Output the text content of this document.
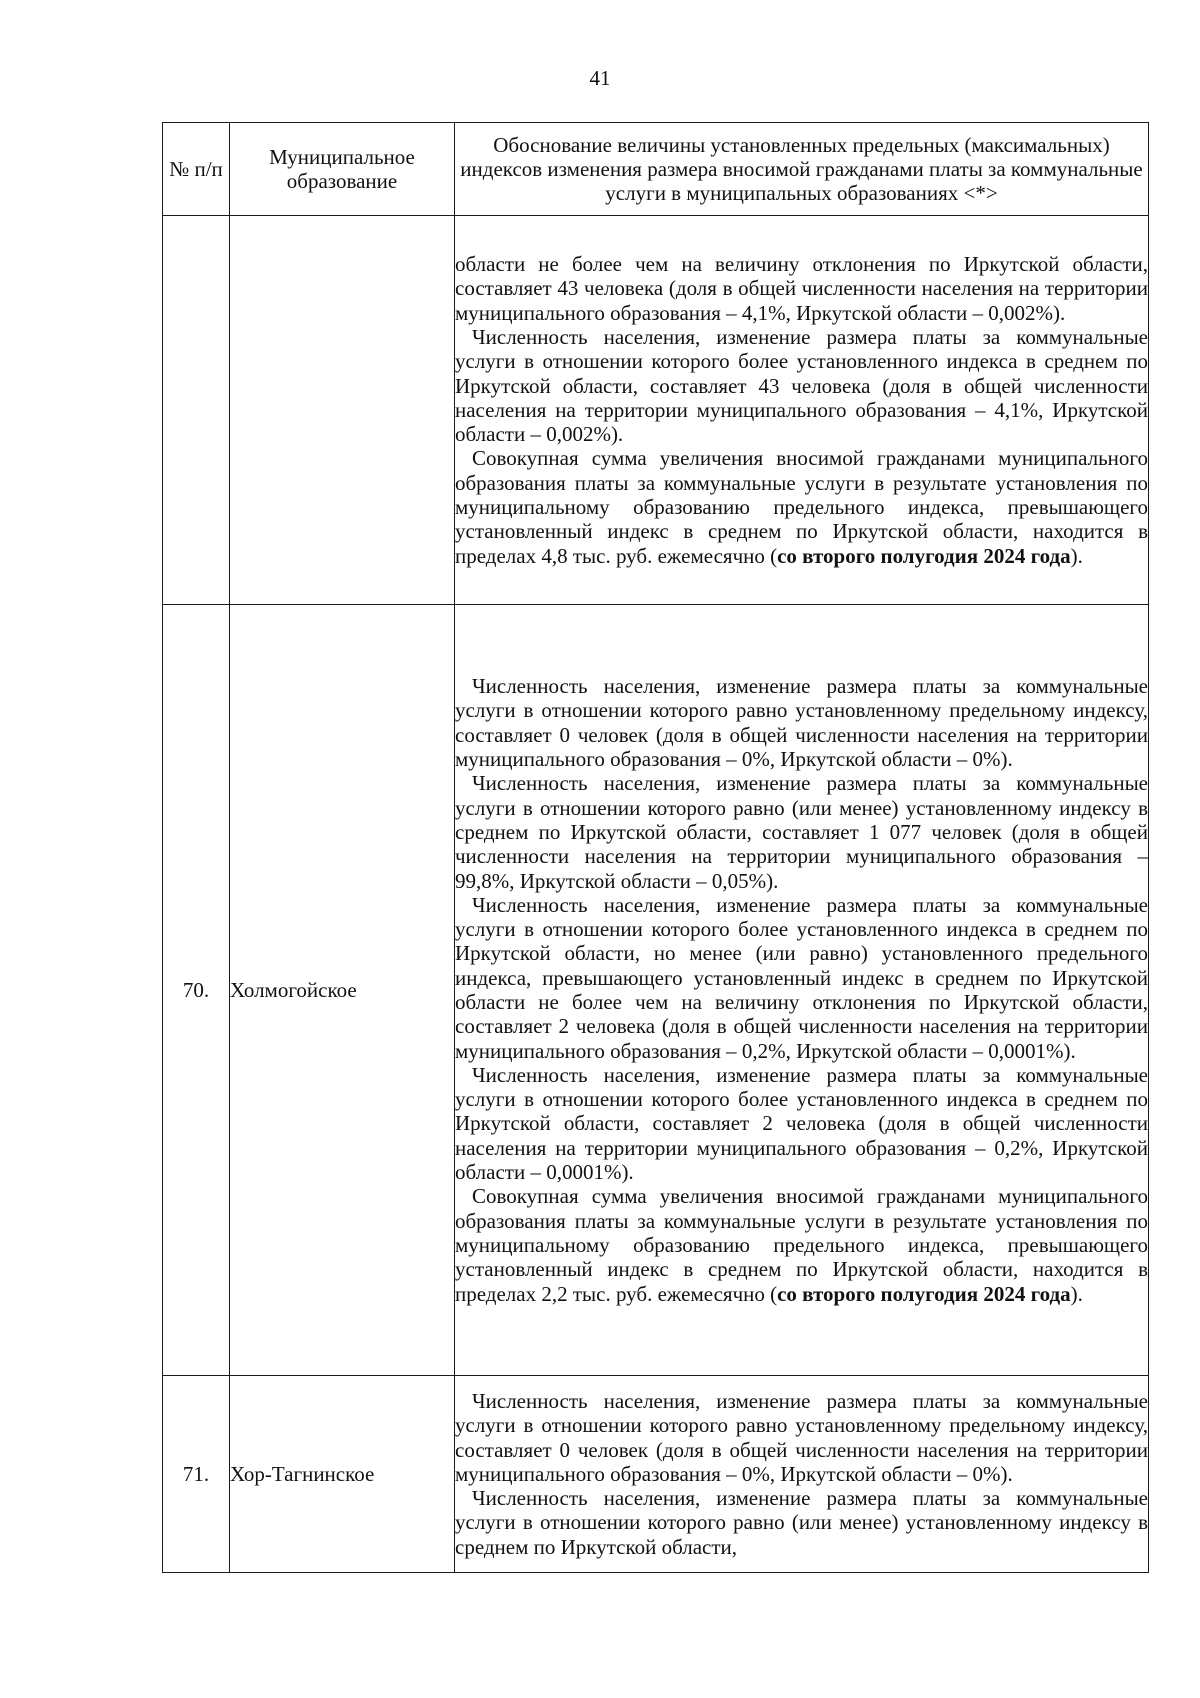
41
№ п/п	Муниципальное образование	Обоснование величины установленных предельных (максимальных) индексов изменения размера вносимой гражданами платы за коммунальные услуги в муниципальных образованиях <*>

		области не более чем на величину отклонения по Иркутской области, составляет 43 человека (доля в общей численности населения на территории муниципального образования – 4,1%, Иркутской области – 0,002%).

Численность населения, изменение размера платы за коммунальные услуги в отношении которого более установленного индекса в среднем по Иркутской области, составляет 43 человека (доля в общей численности населения на территории муниципального образования – 4,1%, Иркутской области – 0,002%).

Совокупная сумма увеличения вносимой гражданами муниципального образования платы за коммунальные услуги в результате установления по муниципальному образованию предельного индекса, превышающего установленный индекс в среднем по Иркутской области, находится в пределах 4,8 тыс. руб. ежемесячно (со второго полугодия 2024 года).

70.	Холмогойское	Численность населения, изменение размера платы за коммунальные услуги в отношении которого равно установленному предельному индексу, составляет 0 человек (доля в общей численности населения на территории муниципального образования – 0%, Иркутской области – 0%).

Численность населения, изменение размера платы за коммунальные услуги в отношении которого равно (или менее) установленному индексу в среднем по Иркутской области, составляет 1 077 человек (доля в общей численности населения на территории муниципального образования – 99,8%, Иркутской области – 0,05%).

Численность населения, изменение размера платы за коммунальные услуги в отношении которого более установленного индекса в среднем по Иркутской области, но менее (или равно) установленного предельного индекса, превышающего установленный индекс в среднем по Иркутской области не более чем на величину отклонения по Иркутской области, составляет 2 человека (доля в общей численности населения на территории муниципального образования – 0,2%, Иркутской области – 0,0001%).

Численность населения, изменение размера платы за коммунальные услуги в отношении которого более установленного индекса в среднем по Иркутской области, составляет 2 человека (доля в общей численности населения на территории муниципального образования – 0,2%, Иркутской области – 0,0001%).

Совокупная сумма увеличения вносимой гражданами муниципального образования платы за коммунальные услуги в результате установления по муниципальному образованию предельного индекса, превышающего установленный индекс в среднем по Иркутской области, находится в пределах 2,2 тыс. руб. ежемесячно (со второго полугодия 2024 года).

71.	Хор-Тагнинское	Численность населения, изменение размера платы за коммунальные услуги в отношении которого равно установленному предельному индексу, составляет 0 человек (доля в общей численности населения на территории муниципального образования – 0%, Иркутской области – 0%).

Численность населения, изменение размера платы за коммунальные услуги в отношении которого равно (или менее) установленному индексу в среднем по Иркутской области,
